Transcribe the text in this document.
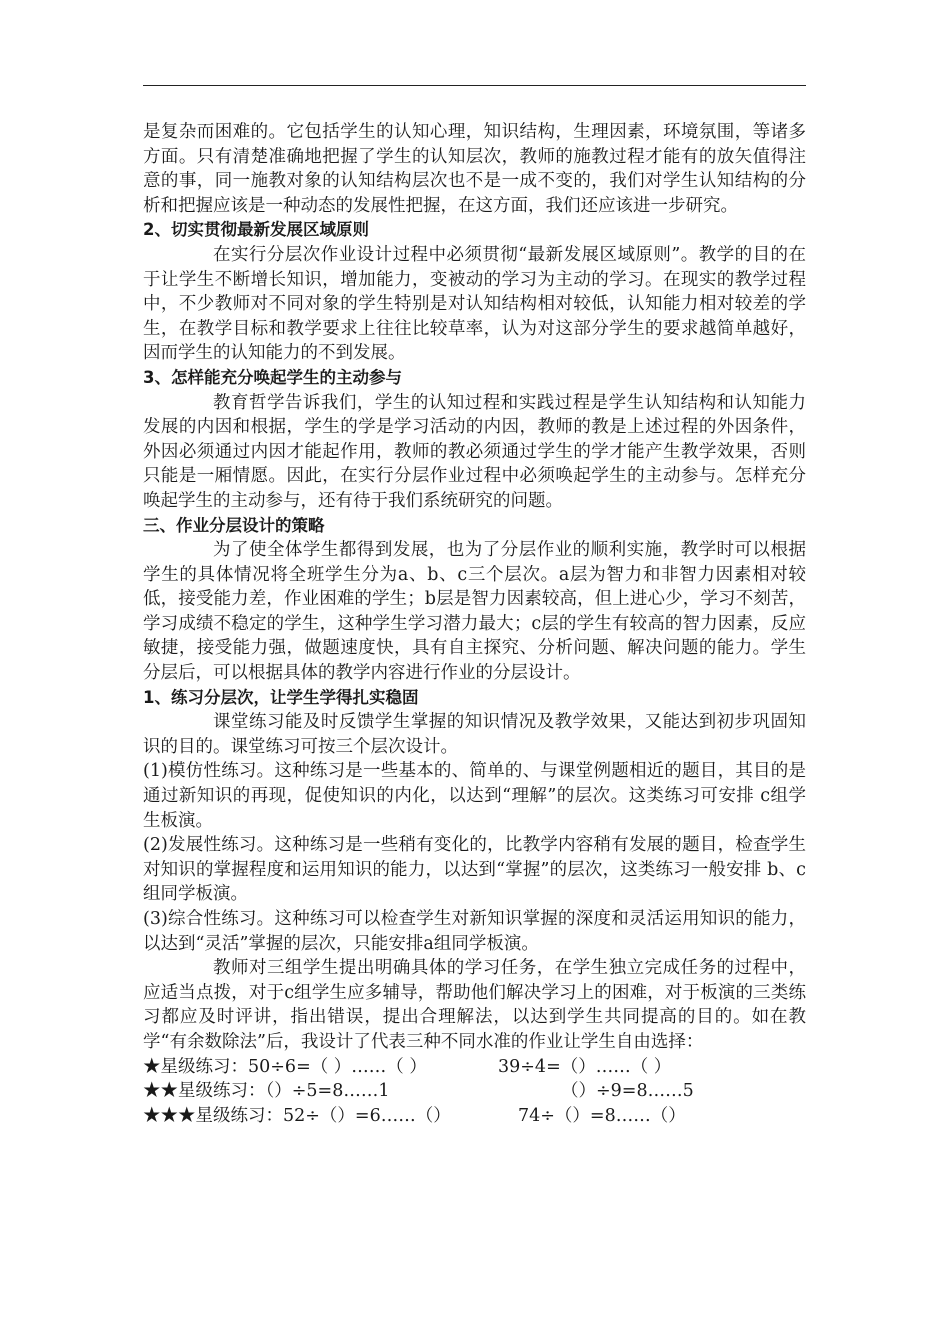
是复杂而困难的。它包括学生的认知心理，知识结构，生理因素，环境氛围，等诸多方面。只有清楚准确地把握了学生的认知层次，教师的施教过程才能有的放矢值得注意的事，同一施教对象的认知结构层次也不是一成不变的，我们对学生认知结构的分析和把握应该是一种动态的发展性把握，在这方面，我们还应该进一步研究。

2、切实贯彻最新发展区域原则

在实行分层次作业设计过程中必须贯彻“最新发展区域原则”。教学的目的在于让学生不断增长知识，增加能力，变被动的学习为主动的学习。在现实的教学过程中，不少教师对不同对象的学生特别是对认知结构相对较低，认知能力相对较差的学生，在教学目标和教学要求上往往比较草率，认为对这部分学生的要求越简单越好，因而学生的认知能力的不到发展。

3、怎样能充分唤起学生的主动参与

教育哲学告诉我们，学生的认知过程和实践过程是学生认知结构和认知能力发展的内因和根据，学生的学是学习活动的内因，教师的教是上述过程的外因条件，外因必须通过内因才能起作用，教师的教必须通过学生的学才能产生教学效果，否则只能是一厢情愿。因此，在实行分层作业过程中必须唤起学生的主动参与。怎样充分唤起学生的主动参与，还有待于我们系统研究的问题。

三、作业分层设计的策略

为了使全体学生都得到发展，也为了分层作业的顺利实施，教学时可以根据学生的具体情况将全班学生分为a、b、c三个层次。a层为智力和非智力因素相对较低，接受能力差，作业困难的学生；b层是智力因素较高，但上进心少，学习不刻苦，学习成绩不稳定的学生，这种学生学习潜力最大；c层的学生有较高的智力因素，反应敏捷，接受能力强，做题速度快，具有自主探究、分析问题、解决问题的能力。学生分层后，可以根据具体的教学内容进行作业的分层设计。

1、练习分层次，让学生学得扎实稳固

课堂练习能及时反馈学生掌握的知识情况及教学效果，又能达到初步巩固知识的目的。课堂练习可按三个层次设计。

(1)模仿性练习。这种练习是一些基本的、简单的、与课堂例题相近的题目，其目的是通过新知识的再现，促使知识的内化，以达到“理解”的层次。这类练习可安排 c组学生板演。

(2)发展性练习。这种练习是一些稍有变化的，比教学内容稍有发展的题目，检查学生对知识的掌握程度和运用知识的能力，以达到“掌握”的层次，这类练习一般安排 b、c组同学板演。

(3)综合性练习。这种练习可以检查学生对新知识掌握的深度和灵活运用知识的能力，以达到“灵活”掌握的层次，只能安排a组同学板演。

教师对三组学生提出明确具体的学习任务，在学生独立完成任务的过程中，应适当点拨，对于c组学生应多辅导，帮助他们解决学习上的困难，对于板演的三类练习都应及时评讲，指出错误，提出合理解法，以达到学生共同提高的目的。如在教学“有余数除法”后，我设计了代表三种不同水准的作业让学生自由选择：

★星级练习：50÷6=（ ）……（ ）	39÷4=（）……（ ）
★★星级练习：（）÷5=8……1	（）÷9=8……5
★★★星级练习：52÷（）=6……（）	74÷（）=8……（）
